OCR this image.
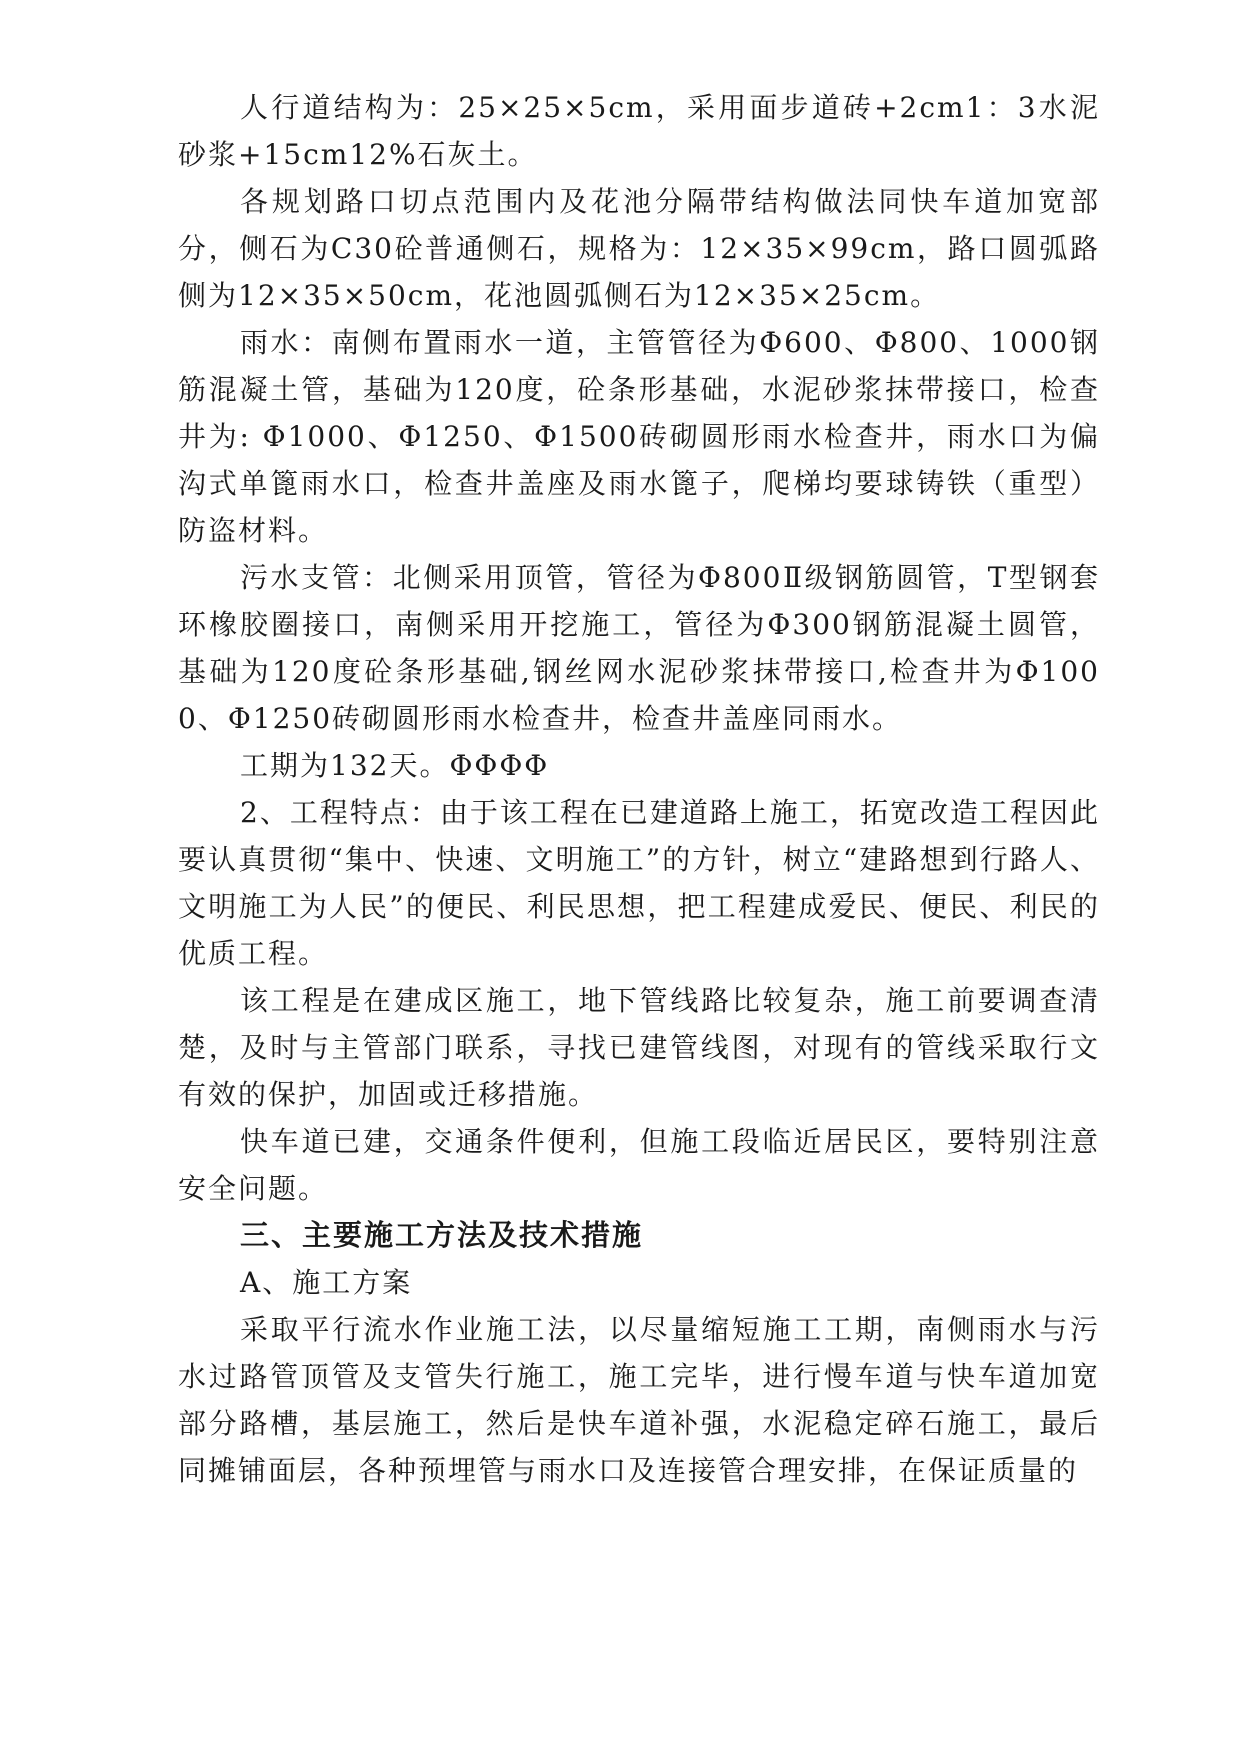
人行道结构为：25×25×5cm，采用面步道砖+2cm1：3水泥砂浆+15cm12%石灰土。

各规划路口切点范围内及花池分隔带结构做法同快车道加宽部分，侧石为C30砼普通侧石，规格为：12×35×99cm，路口圆弧路侧为12×35×50cm，花池圆弧侧石为12×35×25cm。

雨水：南侧布置雨水一道，主管管径为Φ600、Φ800、1000钢筋混凝土管，基础为120度，砼条形基础，水泥砂浆抹带接口，检查井为: Φ1000、Φ1250、Φ1500砖砌圆形雨水检查井，雨水口为偏沟式单篦雨水口，检查井盖座及雨水篦子，爬梯均要球铸铁（重型）防盗材料。

污水支管：北侧采用顶管，管径为Φ800Ⅱ级钢筋圆管，T型钢套环橡胶圈接口，南侧采用开挖施工，管径为Φ300钢筋混凝土圆管，基础为120度砼条形基础,钢丝网水泥砂浆抹带接口,检查井为Φ1000、Φ1250砖砌圆形雨水检查井，检查井盖座同雨水。

工期为132天。ΦΦΦΦ

2、工程特点：由于该工程在已建道路上施工，拓宽改造工程因此要认真贯彻“集中、快速、文明施工”的方针，树立“建路想到行路人、文明施工为人民”的便民、利民思想，把工程建成爱民、便民、利民的优质工程。

该工程是在建成区施工，地下管线路比较复杂，施工前要调查清楚，及时与主管部门联系，寻找已建管线图，对现有的管线采取行文有效的保护，加固或迁移措施。

快车道已建，交通条件便利，但施工段临近居民区，要特别注意安全问题。

三、主要施工方法及技术措施

A、施工方案

采取平行流水作业施工法，以尽量缩短施工工期，南侧雨水与污水过路管顶管及支管失行施工，施工完毕，进行慢车道与快车道加宽部分路槽，基层施工，然后是快车道补强，水泥稳定碎石施工，最后同摊铺面层，各种预埋管与雨水口及连接管合理安排，在保证质量的
